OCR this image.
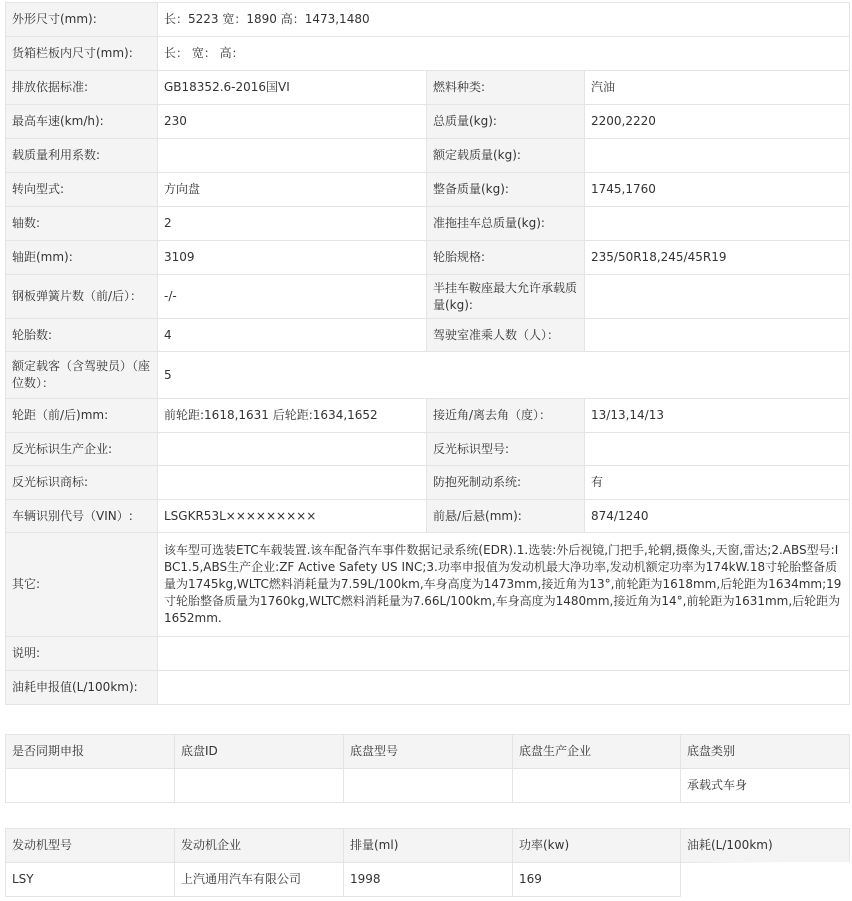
外形尺寸(mm):	长：5223 宽：1890 高：1473,1480		
货箱栏板内尺寸(mm):	长： 宽： 高：		
排放依据标准:	GB18352.6-2016国VI	燃料种类:	汽油
最高车速(km/h):	230	总质量(kg):	2200,2220
载质量利用系数:		额定载质量(kg):	
转向型式:	方向盘	整备质量(kg):	1745,1760
轴数:	2	准拖挂车总质量(kg):	
轴距(mm):	3109	轮胎规格:	235/50R18,245/45R19
钢板弹簧片数（前/后）：	-/-	半挂车鞍座最大允许承载质量(kg):	
轮胎数:	4	驾驶室准乘人数（人）：	
额定载客（含驾驶员）（座位数）：	5		
轮距（前/后)mm:	前轮距:1618,1631 后轮距:1634,1652	接近角/离去角（度）：	13/13,14/13
反光标识生产企业:		反光标识型号:	
反光标识商标:		防抱死制动系统:	有
车辆识别代号（VIN）:	LSGKR53L×××××××××	前悬/后悬(mm):	874/1240
其它:	该车型可选装ETC车载装置.该车配备汽车事件数据记录系统(EDR).1.选装:外后视镜,门把手,轮辋,摄像头,天窗,雷达;2.ABS型号:IBC1.5,ABS生产企业:ZF Active Safety US INC;3.功率申报值为发动机最大净功率,发动机额定功率为174kW.18寸轮胎整备质量为1745kg,WLTC燃料消耗量为7.59L/100km,车身高度为1473mm,接近角为13°,前轮距为1618mm,后轮距为1634mm;19寸轮胎整备质量为1760kg,WLTC燃料消耗量为7.66L/100km,车身高度为1480mm,接近角为14°,前轮距为1631mm,后轮距为1652mm.		
说明:			
油耗申报值(L/100km):			
是否同期申报	底盘ID	底盘型号	底盘生产企业	底盘类别
				承载式车身
发动机型号	发动机企业	排量(ml)	功率(kw)	油耗(L/100km)
LSY	上汽通用汽车有限公司	1998	169	
